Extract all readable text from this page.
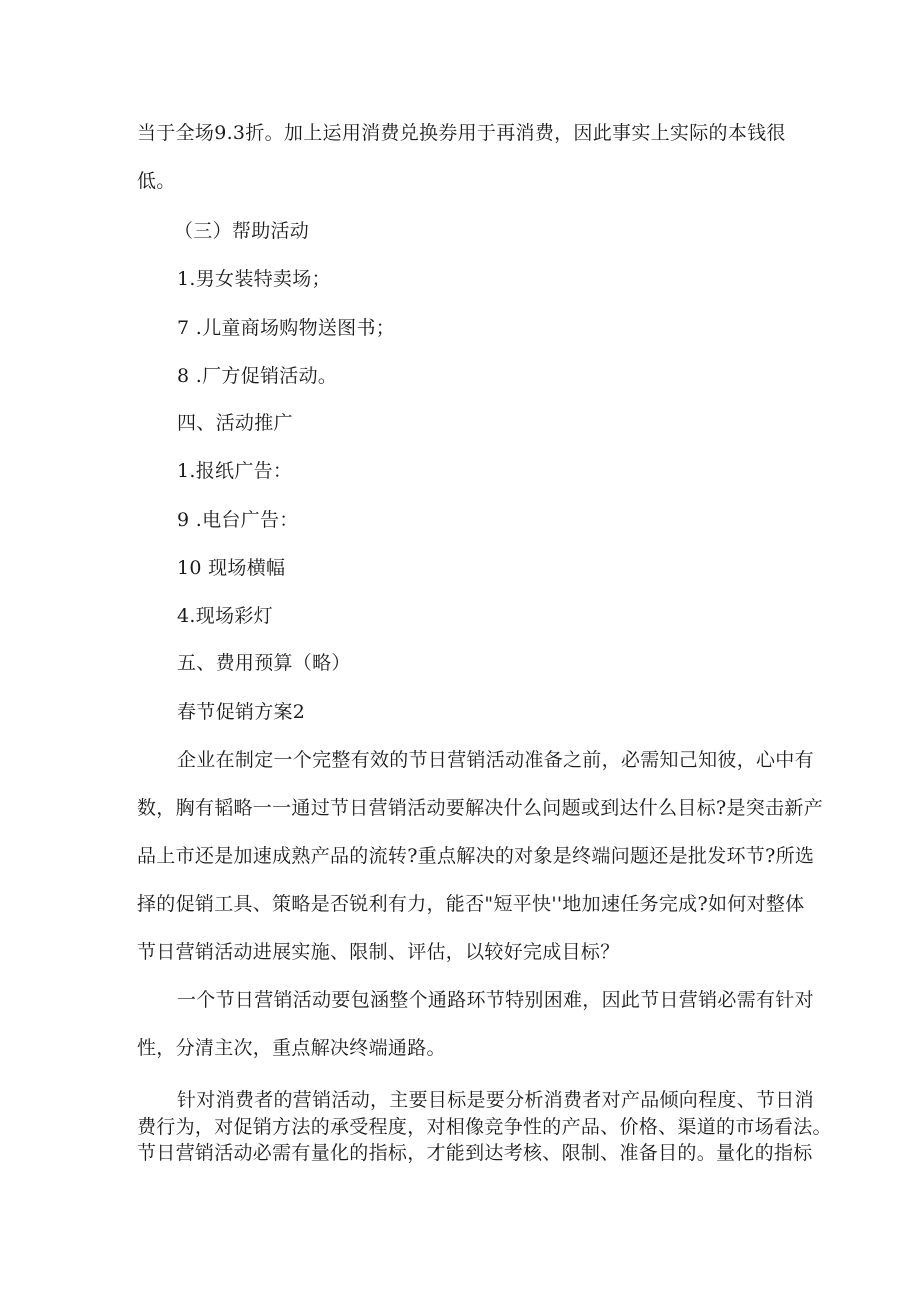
当于全场9.3折。加上运用消费兑换券用于再消费，因此事实上实际的本钱很
低。
（三）帮助活动
1.男女装特卖场；
7 .儿童商场购物送图书；
8 .厂方促销活动。
四、活动推广
1.报纸广告：
9 .电台广告：
10 现场横幅
4.现场彩灯
五、费用预算（略）
春节促销方案2
企业在制定一个完整有效的节日营销活动准备之前，必需知己知彼，心中有
数，胸有韬略一一通过节日营销活动要解决什么问题或到达什么目标?是突击新产
品上市还是加速成熟产品的流转?重点解决的对象是终端问题还是批发环节?所选
择的促销工具、策略是否锐利有力，能否"短平快''地加速任务完成?如何对整体
节日营销活动进展实施、限制、评估，以较好完成目标？
一个节日营销活动要包涵整个通路环节特别困难，因此节日营销必需有针对
性，分清主次，重点解决终端通路。
针对消费者的营销活动，主要目标是要分析消费者对产品倾向程度、节日消
费行为，对促销方法的承受程度，对相像竞争性的产品、价格、渠道的市场看法。
节日营销活动必需有量化的指标，才能到达考核、限制、准备目的。量化的指标
